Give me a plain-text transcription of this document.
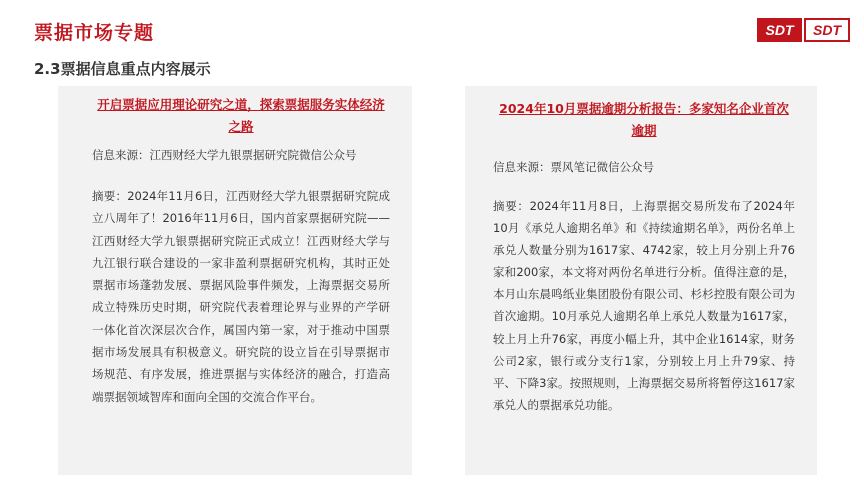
票据市场专题
2.3票据信息重点内容展示
SDT	SDT
开启票据应用理论研究之道，探索票据服务实体经济之路
信息来源：江西财经大学九银票据研究院微信公众号
摘要：2024年11月6日，江西财经大学九银票据研究院成立八周年了！2016年11月6日，国内首家票据研究院——江西财经大学九银票据研究院正式成立！江西财经大学与九江银行联合建设的一家非盈利票据研究机构，其时正处票据市场蓬勃发展、票据风险事件频发，上海票据交易所成立特殊历史时期，研究院代表着理论界与业界的产学研一体化首次深层次合作，属国内第一家，对于推动中国票据市场发展具有积极意义。研究院的设立旨在引导票据市场规范、有序发展，推进票据与实体经济的融合，打造高端票据领域智库和面向全国的交流合作平台。
2024年10月票据逾期分析报告：多家知名企业首次逾期
信息来源：票风笔记微信公众号
摘要：2024年11月8日，上海票据交易所发布了2024年10月《承兑人逾期名单》和《持续逾期名单》，两份名单上承兑人数量分别为1617家、4742家，较上月分别上升76家和200家，本文将对两份名单进行分析。值得注意的是，本月山东晨鸣纸业集团股份有限公司、杉杉控股有限公司为首次逾期。10月承兑人逾期名单上承兑人数量为1617家，较上月上升76家，再度小幅上升，其中企业1614家，财务公司2家，银行或分支行1家，分别较上月上升79家、持平、下降3家。按照规则，上海票据交易所将暂停这1617家承兑人的票据承兑功能。
